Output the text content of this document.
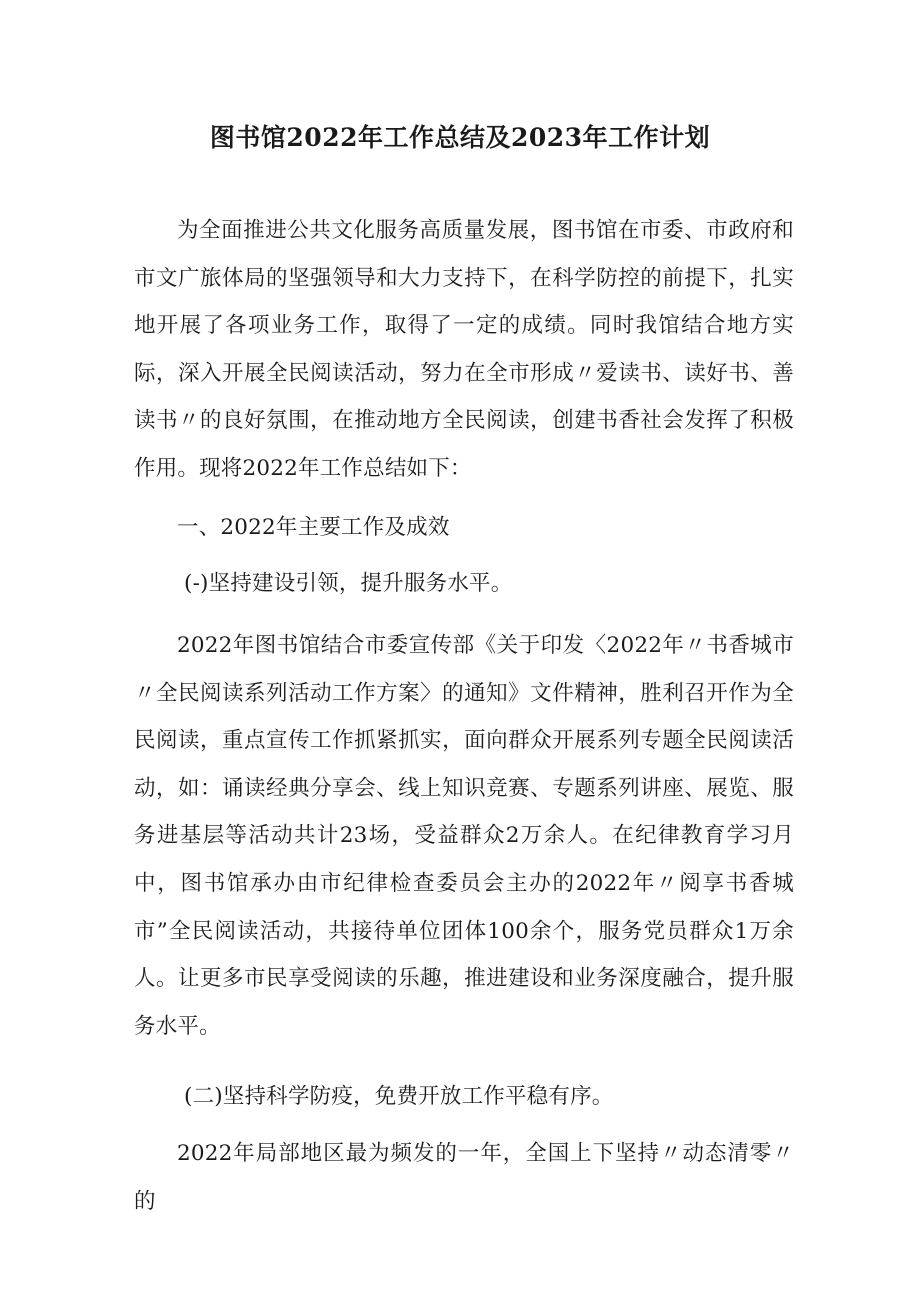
图书馆2022年工作总结及2023年工作计划

为全面推进公共文化服务高质量发展，图书馆在市委、市政府和市文广旅体局的坚强领导和大力支持下，在科学防控的前提下，扎实地开展了各项业务工作，取得了一定的成绩。同时我馆结合地方实际，深入开展全民阅读活动，努力在全市形成〃爱读书、读好书、善读书〃的良好氛围，在推动地方全民阅读，创建书香社会发挥了积极作用。现将2022年工作总结如下：

一、2022年主要工作及成效

(-)坚持建设引领，提升服务水平。

2022年图书馆结合市委宣传部《关于印发〈2022年〃书香城市〃全民阅读系列活动工作方案〉的通知》文件精神，胜利召开作为全民阅读，重点宣传工作抓紧抓实，面向群众开展系列专题全民阅读活动，如：诵读经典分享会、线上知识竞赛、专题系列讲座、展览、服务进基层等活动共计23场，受益群众2万余人。在纪律教育学习月中，图书馆承办由市纪律检查委员会主办的2022年〃阅享书香城市”全民阅读活动，共接待单位团体100余个，服务党员群众1万余人。让更多市民享受阅读的乐趣，推进建设和业务深度融合，提升服务水平。

(二)坚持科学防疫，免费开放工作平稳有序。

2022年局部地区最为频发的一年，全国上下坚持〃动态清零〃的
